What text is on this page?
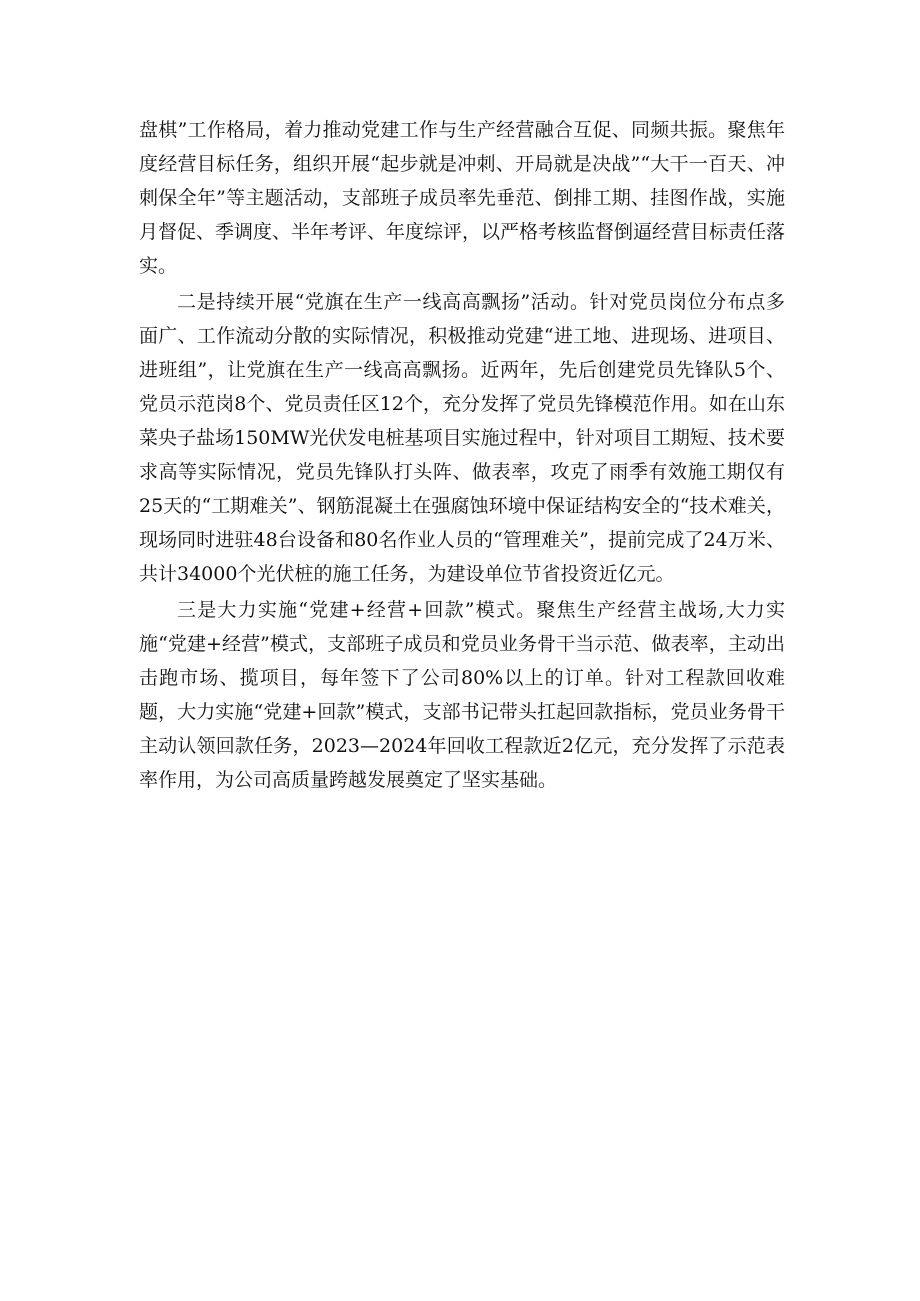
盘棋”工作格局，着力推动党建工作与生产经营融合互促、同频共振。聚焦年度经营目标任务，组织开展“起步就是冲刺、开局就是决战”“大干一百天、冲刺保全年”等主题活动，支部班子成员率先垂范、倒排工期、挂图作战，实施月督促、季调度、半年考评、年度综评，以严格考核监督倒逼经营目标责任落实。

二是持续开展“党旗在生产一线高高飘扬”活动。针对党员岗位分布点多面广、工作流动分散的实际情况，积极推动党建“进工地、进现场、进项目、进班组”，让党旗在生产一线高高飘扬。近两年，先后创建党员先锋队5个、党员示范岗8个、党员责任区12个，充分发挥了党员先锋模范作用。如在山东菜央子盐场150MW光伏发电桩基项目实施过程中，针对项目工期短、技术要求高等实际情况，党员先锋队打头阵、做表率，攻克了雨季有效施工期仅有25天的“工期难关”、钢筋混凝土在强腐蚀环境中保证结构安全的“技术难关，现场同时进驻48台设备和80名作业人员的“管理难关”，提前完成了24万米、共计34000个光伏桩的施工任务，为建设单位节省投资近亿元。

三是大力实施“党建+经营+回款”模式。聚焦生产经营主战场,大力实施“党建+经营”模式，支部班子成员和党员业务骨干当示范、做表率，主动出击跑市场、揽项目，每年签下了公司80%以上的订单。针对工程款回收难题，大力实施“党建+回款”模式，支部书记带头扛起回款指标，党员业务骨干主动认领回款任务，2023—2024年回收工程款近2亿元，充分发挥了示范表率作用，为公司高质量跨越发展奠定了坚实基础。
